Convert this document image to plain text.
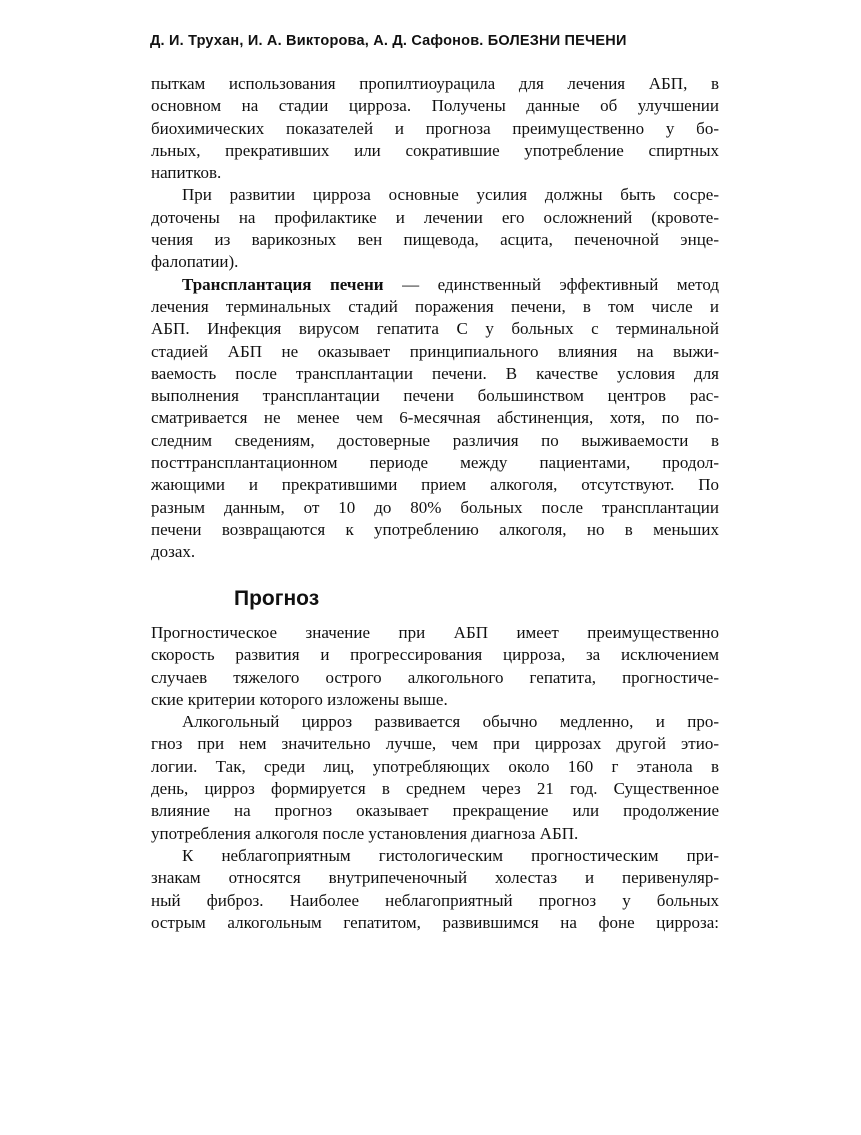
Д. И. Трухан, И. А. Викторова, А. Д. Сафонов. БОЛЕЗНИ ПЕЧЕНИ
пыткам использования пропилтиоурацила для лечения АБП, в
основном на стадии цирроза. Получены данные об улучшении
биохимических показателей и прогноза преимущественно у бо-
льных, прекративших или сократившие употребление спиртных
напитков.
При развитии цирроза основные усилия должны быть сосре-
доточены на профилактике и лечении его осложнений (кровоте-
чения из варикозных вен пищевода, асцита, печеночной энце-
фалопатии).
Трансплантация печени — единственный эффективный метод
лечения терминальных стадий поражения печени, в том числе и
АБП. Инфекция вирусом гепатита С у больных с терминальной
стадией АБП не оказывает принципиального влияния на выжи-
ваемость после трансплантации печени. В качестве условия для
выполнения трансплантации печени большинством центров рас-
сматривается не менее чем 6-месячная абстиненция, хотя, по по-
следним сведениям, достоверные различия по выживаемости в
посттрансплантационном периоде между пациентами, продол-
жающими и прекратившими прием алкоголя, отсутствуют. По
разным данным, от 10 до 80% больных после трансплантации
печени возвращаются к употреблению алкоголя, но в меньших
дозах.
Прогноз
Прогностическое значение при АБП имеет преимущественно
скорость развития и прогрессирования цирроза, за исключением
случаев тяжелого острого алкогольного гепатита, прогностиче-
ские критерии которого изложены выше.
Алкогольный цирроз развивается обычно медленно, и про-
гноз при нем значительно лучше, чем при циррозах другой этио-
логии. Так, среди лиц, употребляющих около 160 г этанола в
день, цирроз формируется в среднем через 21 год. Существенное
влияние на прогноз оказывает прекращение или продолжение
употребления алкоголя после установления диагноза АБП.
К неблагоприятным гистологическим прогностическим при-
знакам относятся внутрипеченочный холестаз и перивенуляр-
ный фиброз. Наиболее неблагоприятный прогноз у больных
острым алкогольным гепатитом, развившимся на фоне цирроза:
